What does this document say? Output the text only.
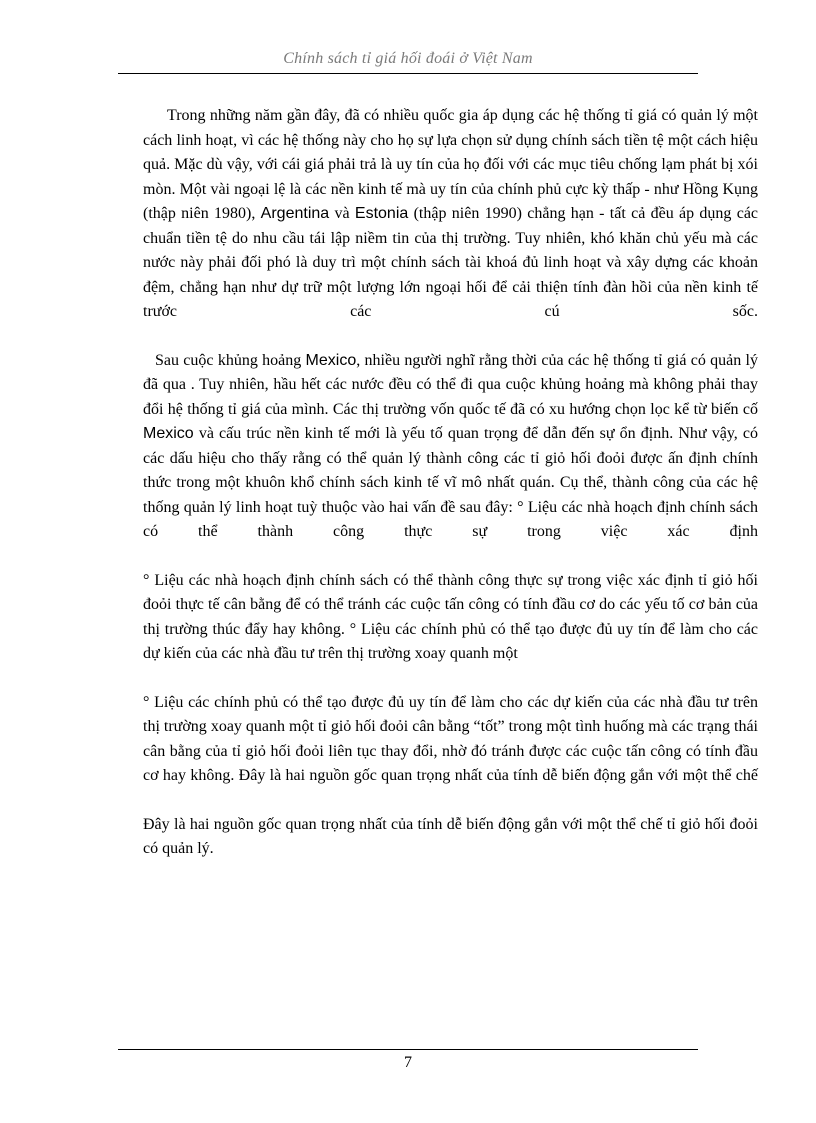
Chính sách tỉ giá hối đoái ở Việt Nam

Trong những năm gần đây, đã có nhiều quốc gia áp dụng các hệ thống tỉ giá có quản lý một cách linh hoạt, vì các hệ thống này cho họ sự lựa chọn sử dụng chính sách tiền tệ một cách hiệu quả. Mặc dù vậy, với cái giá phải trả là uy tín của họ đối với các mục tiêu chống lạm phát bị xói mòn. Một vài ngoại lệ là các nền kinh tế mà uy tín của chính phủ cực kỳ thấp - như Hồng Kụng (thập niên 1980), Argentina và Estonia (thập niên 1990) chẳng hạn - tất cả đều áp dụng các chuẩn tiền tệ do nhu cầu tái lập niềm tin của thị trường. Tuy nhiên, khó khăn chủ yếu mà các nước này phải đối phó là duy trì một chính sách tài khoá đủ linh hoạt và xây dựng các khoản đệm, chẳng hạn như dự trữ một lượng lớn ngoại hối để cải thiện tính đàn hồi của nền kinh tế trước các cú sốc.

Sau cuộc khủng hoảng Mexico, nhiều người nghĩ rằng thời của các hệ thống tỉ giá có quản lý đã qua . Tuy nhiên, hầu hết các nước đều có thể đi qua cuộc khủng hoảng mà không phải thay đổi hệ thống tỉ giá của mình. Các thị trường vốn quốc tế đã có xu hướng chọn lọc kể từ biến cố Mexico và cấu trúc nền kinh tế mới là yếu tố quan trọng để dẫn đến sự ổn định. Như vậy, có các dấu hiệu cho thấy rằng có thể quản lý thành công các tỉ giỏ hối đoỏi được ấn định chính thức trong một khuôn khổ chính sách kinh tế vĩ mô nhất quán. Cụ thể, thành công của các hệ thống quản lý linh hoạt tuỳ thuộc vào hai vấn đề sau đây: ° Liệu các nhà hoạch định chính sách có thể thành công thực sự trong việc xác định

° Liệu các nhà hoạch định chính sách có thể thành công thực sự trong việc xác định tỉ giỏ hối đoỏi thực tế cân bằng để có thể tránh các cuộc tấn công có tính đầu cơ do các yếu tố cơ bản của thị trường thúc đẩy hay không. ° Liệu các chính phủ có thể tạo được đủ uy tín để làm cho các dự kiến của các nhà đầu tư trên thị trường xoay quanh một

° Liệu các chính phủ có thể tạo được đủ uy tín để làm cho các dự kiến của các nhà đầu tư trên thị trường xoay quanh một tỉ giỏ hối đoỏi cân bằng “tốt” trong một tình huống mà các trạng thái cân bằng của tỉ giỏ hối đoỏi liên tục thay đổi, nhờ đó tránh được các cuộc tấn công có tính đầu cơ hay không. Đây là hai nguồn gốc quan trọng nhất của tính dễ biến động gắn với một thể chế

Đây là hai nguồn gốc quan trọng nhất của tính dễ biến động gắn với một thể chế tỉ giỏ hối đoỏi có quản lý.

7
